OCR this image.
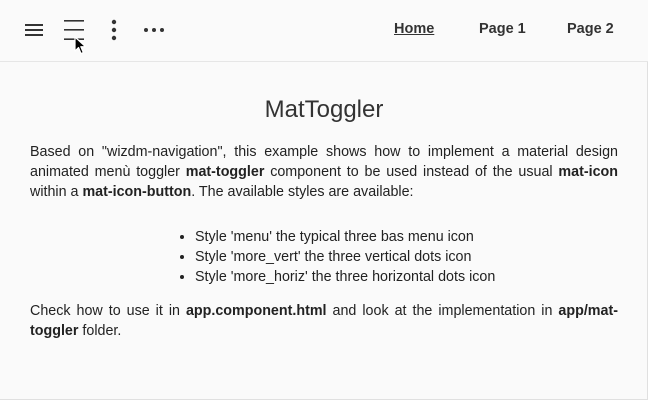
Home	Page 1	Page 2
MatToggler

Based on "wizdm-navigation", this example shows how to implement a material design animated menù toggler mat-toggler component to be used instead of the usual mat-icon within a mat-icon-button. The available styles are available:

• Style 'menu' the typical three bas menu icon
• Style 'more_vert' the three vertical dots icon
• Style 'more_horiz' the three horizontal dots icon

Check how to use it in app.component.html and look at the implementation in app/mat-toggler folder.
